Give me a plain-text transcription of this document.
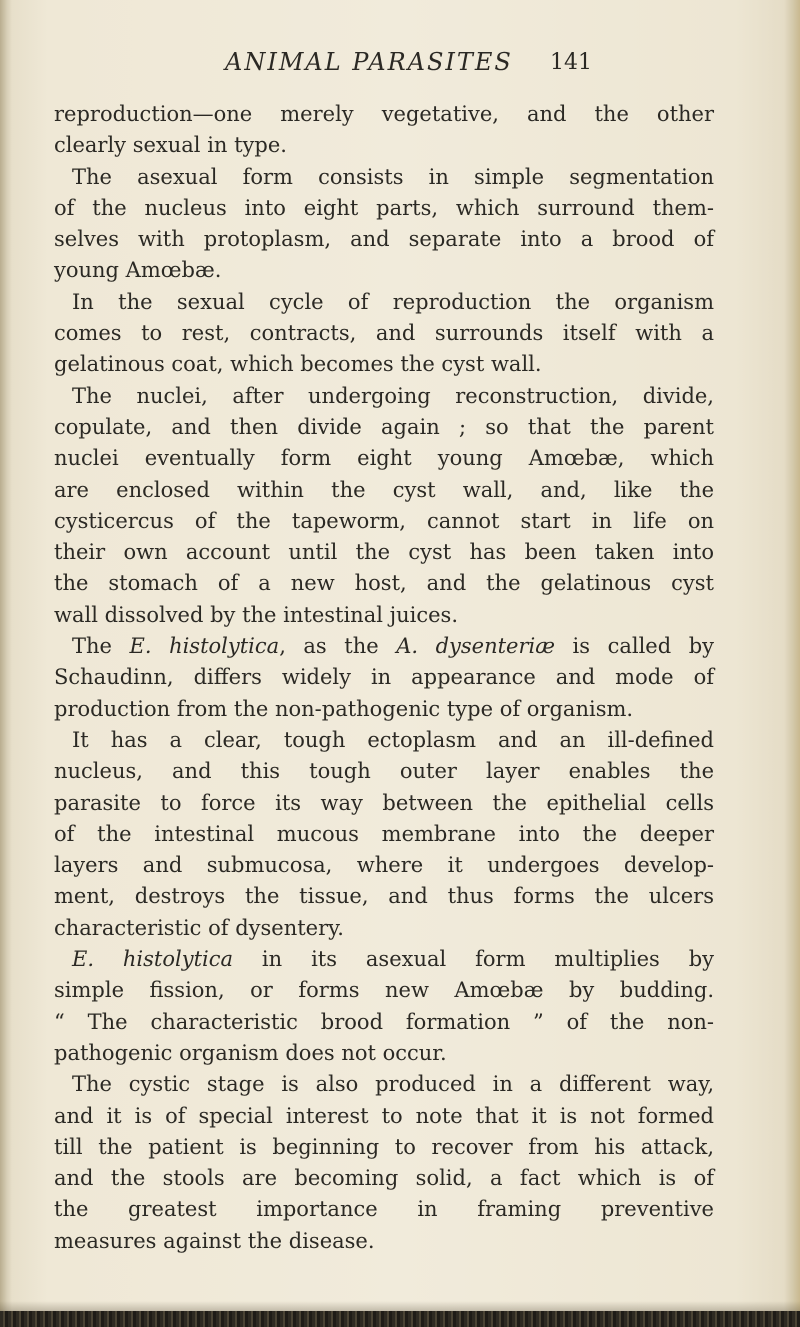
ANIMAL PARASITES 141
reproduction—one merely vegetative, and the other
clearly sexual in type.
The asexual form consists in simple segmentation
of the nucleus into eight parts, which surround them-
selves with protoplasm, and separate into a brood of
young Amœbæ.
In the sexual cycle of reproduction the organism
comes to rest, contracts, and surrounds itself with a
gelatinous coat, which becomes the cyst wall.
The nuclei, after undergoing reconstruction, divide,
copulate, and then divide again ; so that the parent
nuclei eventually form eight young Amœbæ, which
are enclosed within the cyst wall, and, like the
cysticercus of the tapeworm, cannot start in life on
their own account until the cyst has been taken into
the stomach of a new host, and the gelatinous cyst
wall dissolved by the intestinal juices.
The E. histolytica, as the A. dysenteriæ is called by
Schaudinn, differs widely in appearance and mode of
production from the non-pathogenic type of organism.
It has a clear, tough ectoplasm and an ill-defined
nucleus, and this tough outer layer enables the
parasite to force its way between the epithelial cells
of the intestinal mucous membrane into the deeper
layers and submucosa, where it undergoes develop-
ment, destroys the tissue, and thus forms the ulcers
characteristic of dysentery.
E. histolytica in its asexual form multiplies by
simple fission, or forms new Amœbæ by budding.
“ The characteristic brood formation ” of the non-
pathogenic organism does not occur.
The cystic stage is also produced in a different way,
and it is of special interest to note that it is not formed
till the patient is beginning to recover from his attack,
and the stools are becoming solid, a fact which is of
the greatest importance in framing preventive
measures against the disease.
